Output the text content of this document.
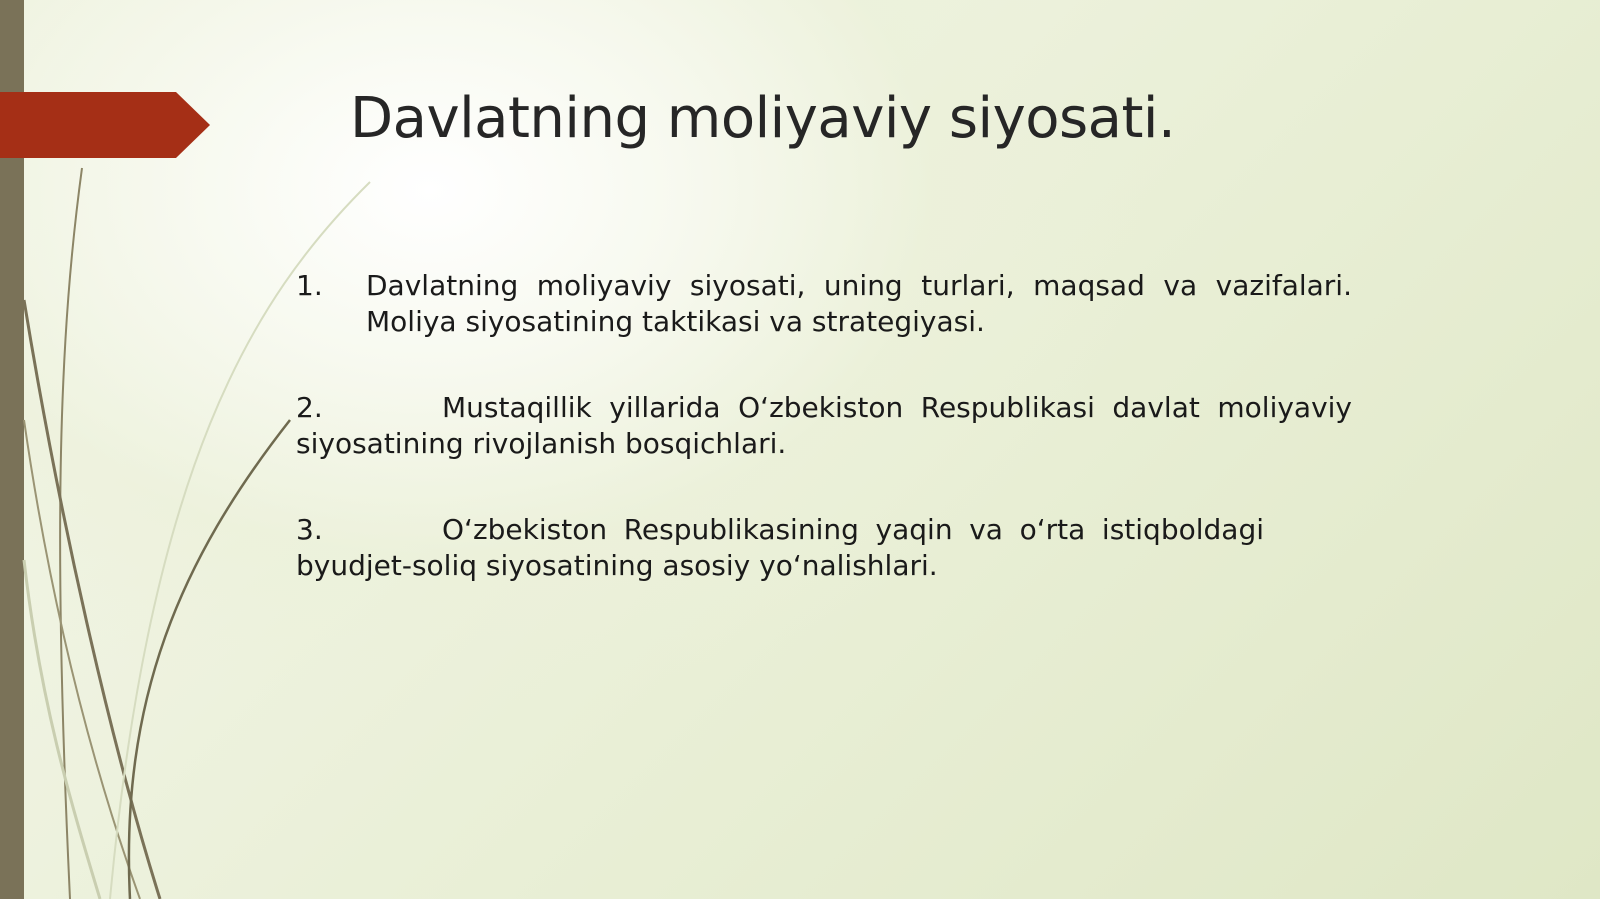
Davlatning moliyaviy siyosati.
1. Davlatning moliyaviy siyosati, uning turlari, maqsad va vazifalari. Moliya siyosatining taktikasi va strategiyasi.
2.	Mustaqillik yillarida O‘zbekiston Respublikasi davlat moliyaviy
siyosatining rivojlanish bosqichlari.
3.	O‘zbekiston Respublikasining yaqin va o‘rta istiqboldagi
byudjet-soliq siyosatining asosiy yo‘nalishlari.
